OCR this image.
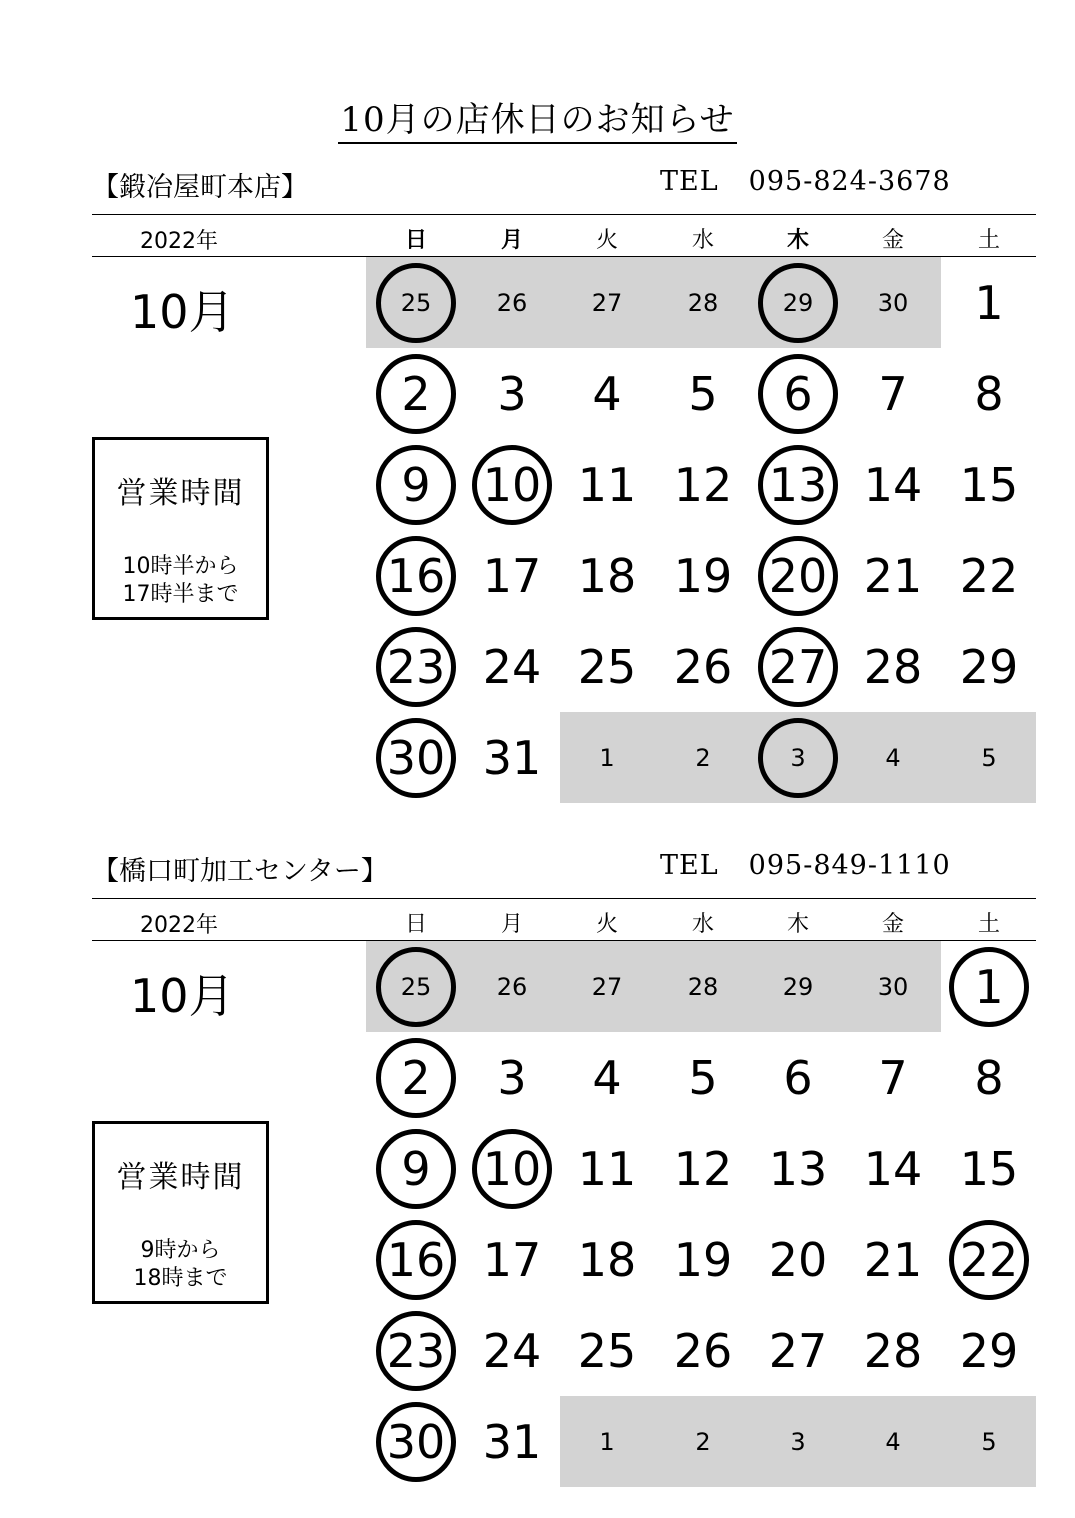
10月の店休日のお知らせ
【鍛冶屋町本店】	TEL 095-824-3678
2022年	日	月	火	水	木	金	土
10月	25	26	27	28	29	30	1
2	3	4	5	6	7	8
9	10 11 12 13 14 15
16 17 18 19 20 21 22
23 24 25 26 27 28 29
30 31	1	2	3	4	5
営業時間
10時半から
17時半まで
【橋口町加工センター】	TEL 095-849-1110
2022年	日	月	火	水	木	金	土
10月	25	26	27	28	29	30	1
2	3	4	5	6	7	8
9	10 11 12 13 14 15
16 17 18 19 20 21 22
23 24 25 26 27 28 29
30 31	1	2	3	4	5
営業時間
9時から
18時まで
